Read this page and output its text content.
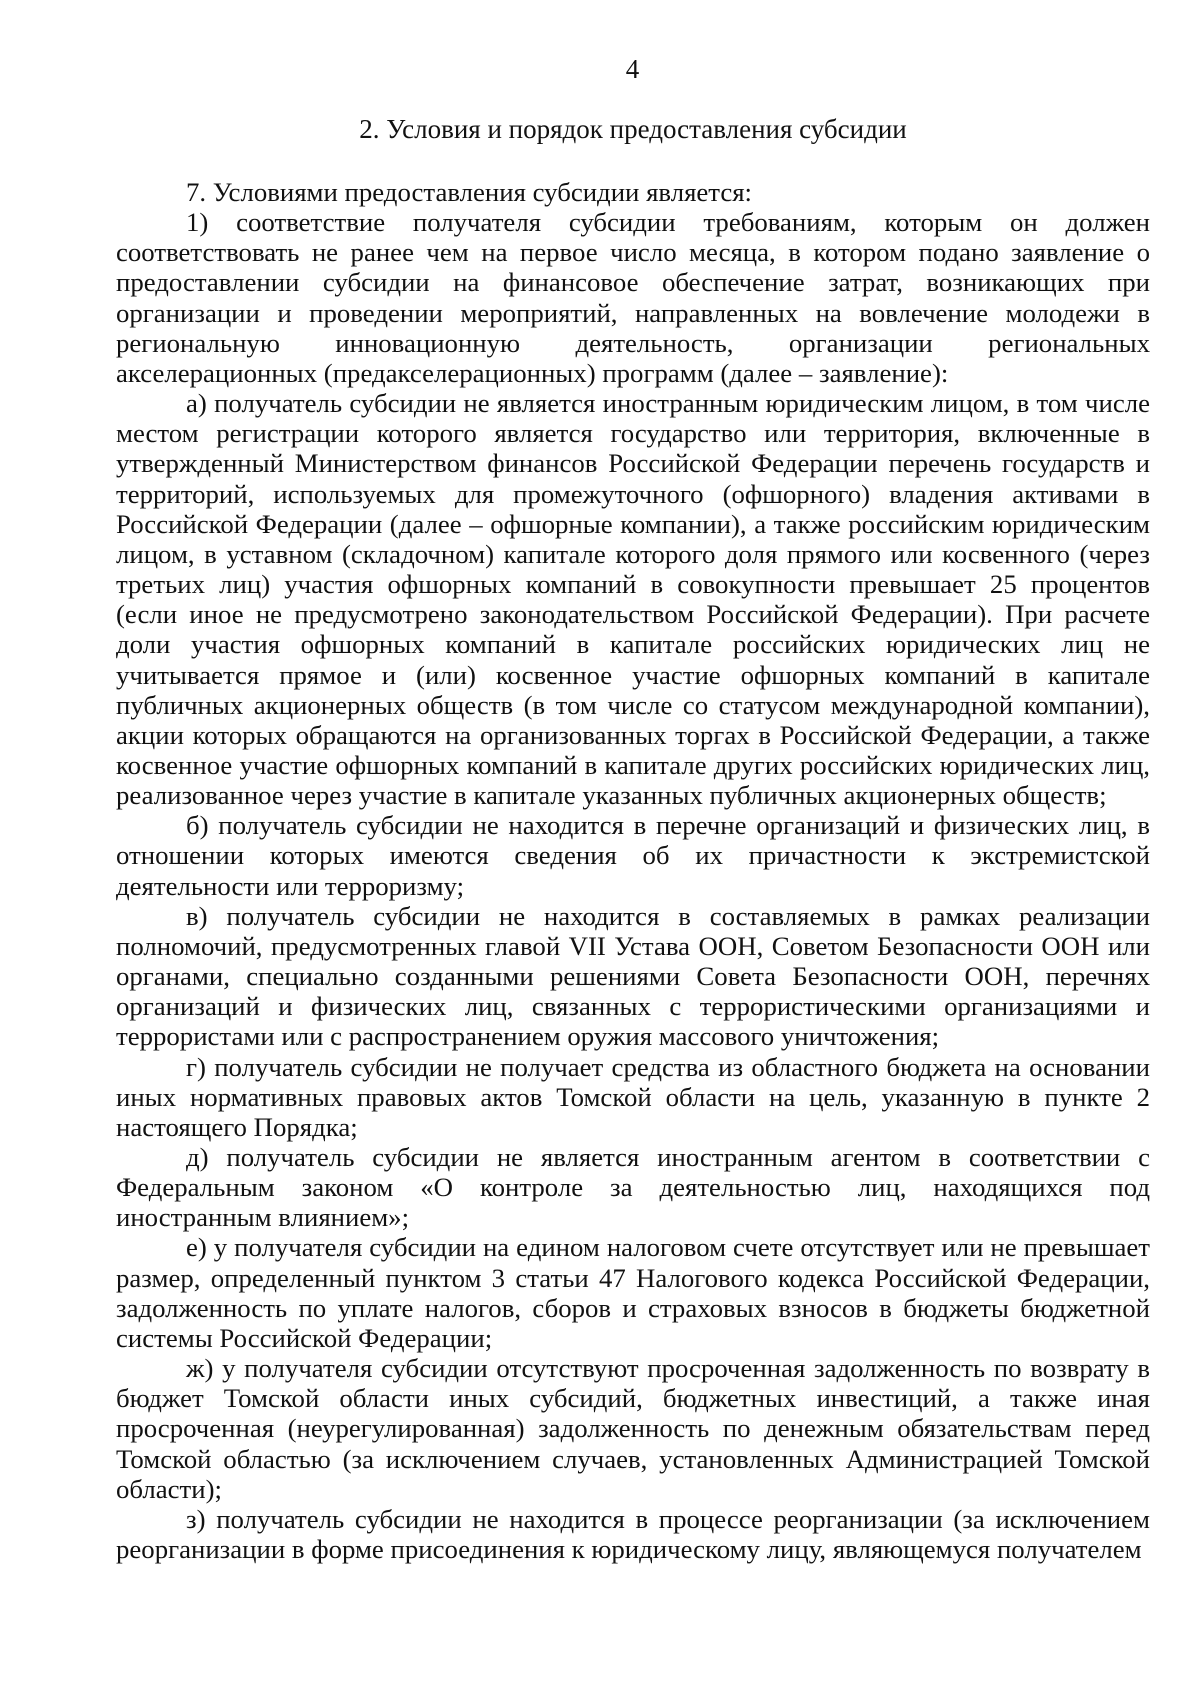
4
2. Условия и порядок предоставления субсидии

7. Условиями предоставления субсидии является:

1) соответствие получателя субсидии требованиям, которым он должен соответствовать не ранее чем на первое число месяца, в котором подано заявление о предоставлении субсидии на финансовое обеспечение затрат, возникающих при организации и проведении мероприятий, направленных на вовлечение молодежи в региональную инновационную деятельность, организации региональных акселерационных (предакселерационных) программ (далее – заявление):

а) получатель субсидии не является иностранным юридическим лицом, в том числе местом регистрации которого является государство или территория, включенные в утвержденный Министерством финансов Российской Федерации перечень государств и территорий, используемых для промежуточного (офшорного) владения активами в Российской Федерации (далее – офшорные компании), а также российским юридическим лицом, в уставном (складочном) капитале которого доля прямого или косвенного (через третьих лиц) участия офшорных компаний в совокупности превышает 25 процентов (если иное не предусмотрено законодательством Российской Федерации). При расчете доли участия офшорных компаний в капитале российских юридических лиц не учитывается прямое и (или) косвенное участие офшорных компаний в капитале публичных акционерных обществ (в том числе со статусом международной компании), акции которых обращаются на организованных торгах в Российской Федерации, а также косвенное участие офшорных компаний в капитале других российских юридических лиц, реализованное через участие в капитале указанных публичных акционерных обществ;

б) получатель субсидии не находится в перечне организаций и физических лиц, в отношении которых имеются сведения об их причастности к экстремистской деятельности или терроризму;

в) получатель субсидии не находится в составляемых в рамках реализации полномочий, предусмотренных главой VII Устава ООН, Советом Безопасности ООН или органами, специально созданными решениями Совета Безопасности ООН, перечнях организаций и физических лиц, связанных с террористическими организациями и террористами или с распространением оружия массового уничтожения;

г) получатель субсидии не получает средства из областного бюджета на основании иных нормативных правовых актов Томской области на цель, указанную в пункте 2 настоящего Порядка;

д) получатель субсидии не является иностранным агентом в соответствии с Федеральным законом «О контроле за деятельностью лиц, находящихся под иностранным влиянием»;

е) у получателя субсидии на едином налоговом счете отсутствует или не превышает размер, определенный пунктом 3 статьи 47 Налогового кодекса Российской Федерации, задолженность по уплате налогов, сборов и страховых взносов в бюджеты бюджетной системы Российской Федерации;

ж) у получателя субсидии отсутствуют просроченная задолженность по возврату в бюджет Томской области иных субсидий, бюджетных инвестиций, а также иная просроченная (неурегулированная) задолженность по денежным обязательствам перед Томской областью (за исключением случаев, установленных Администрацией Томской области);

з) получатель субсидии не находится в процессе реорганизации (за исключением реорганизации в форме присоединения к юридическому лицу, являющемуся получателем
